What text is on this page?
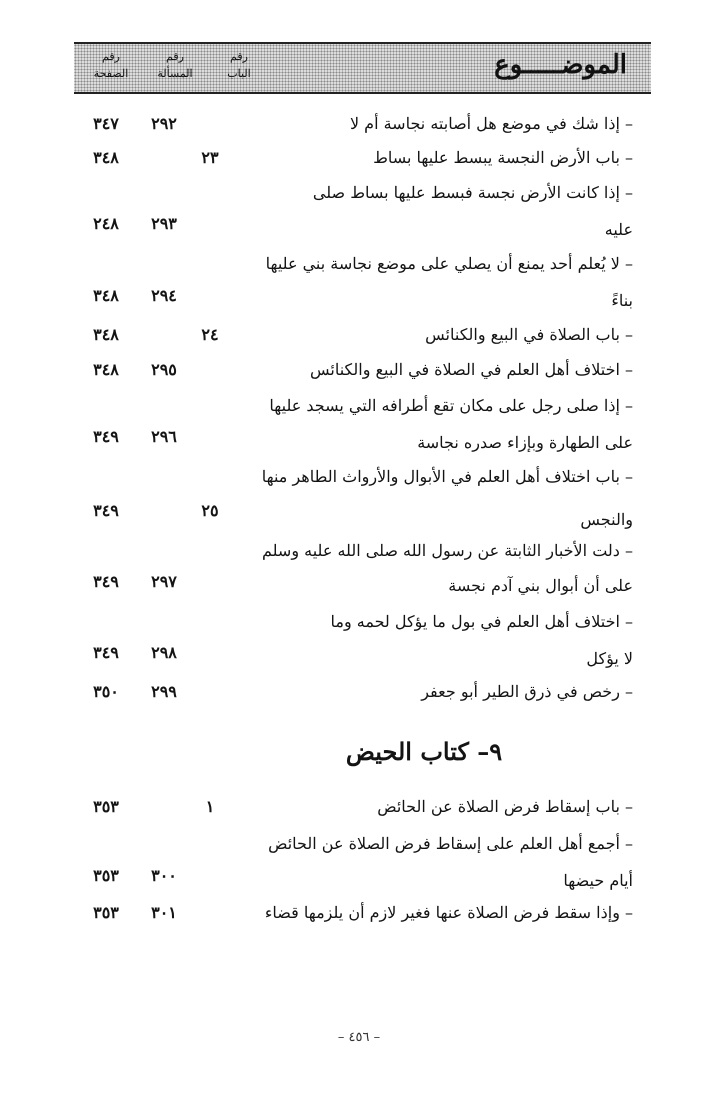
الموضـــــوع
رقم
الباب
رقم
المسألة
رقم
الصفحة
– إذا شك في موضع هل أصابته نجاسة أم لا
٢٩٢
٣٤٧
– باب الأرض النجسة يبسط عليها بساط
٢٣
٣٤٨
– إذا كانت الأرض نجسة فبسط عليها بساط صلى
عليه
٢٩٣
٢٤٨
– لا يُعلم أحد يمنع أن يصلي على موضع نجاسة بني عليها
بناءً
٢٩٤
٣٤٨
– باب الصلاة في البيع والكنائس
٢٤
٣٤٨
– اختلاف أهل العلم في الصلاة في البيع والكنائس
٢٩٥
٣٤٨
– إذا صلى رجل على مكان تقع أطرافه التي يسجد عليها
على الطهارة وبإزاء صدره نجاسة
٢٩٦
٣٤٩
– باب اختلاف أهل العلم في الأبوال والأرواث الطاهر منها
والنجس
٢٥
٣٤٩
– دلت الأخبار الثابتة عن رسول الله صلى الله عليه وسلم
على أن أبوال بني آدم نجسة
٢٩٧
٣٤٩
– اختلاف أهل العلم في بول ما يؤكل لحمه وما
لا يؤكل
٢٩٨
٣٤٩
– رخص في ذرق الطير أبو جعفر
٢٩٩
٣٥٠
٩– كتاب الحيض
– باب إسقاط فرض الصلاة عن الحائض
١
٣٥٣
– أجمع أهل العلم على إسقاط فرض الصلاة عن الحائض
أيام حيضها
٣٠٠
٣٥٣
– وإذا سقط فرض الصلاة عنها فغير لازم أن يلزمها قضاء
٣٠١
٣٥٣
– ٤٥٦ –
